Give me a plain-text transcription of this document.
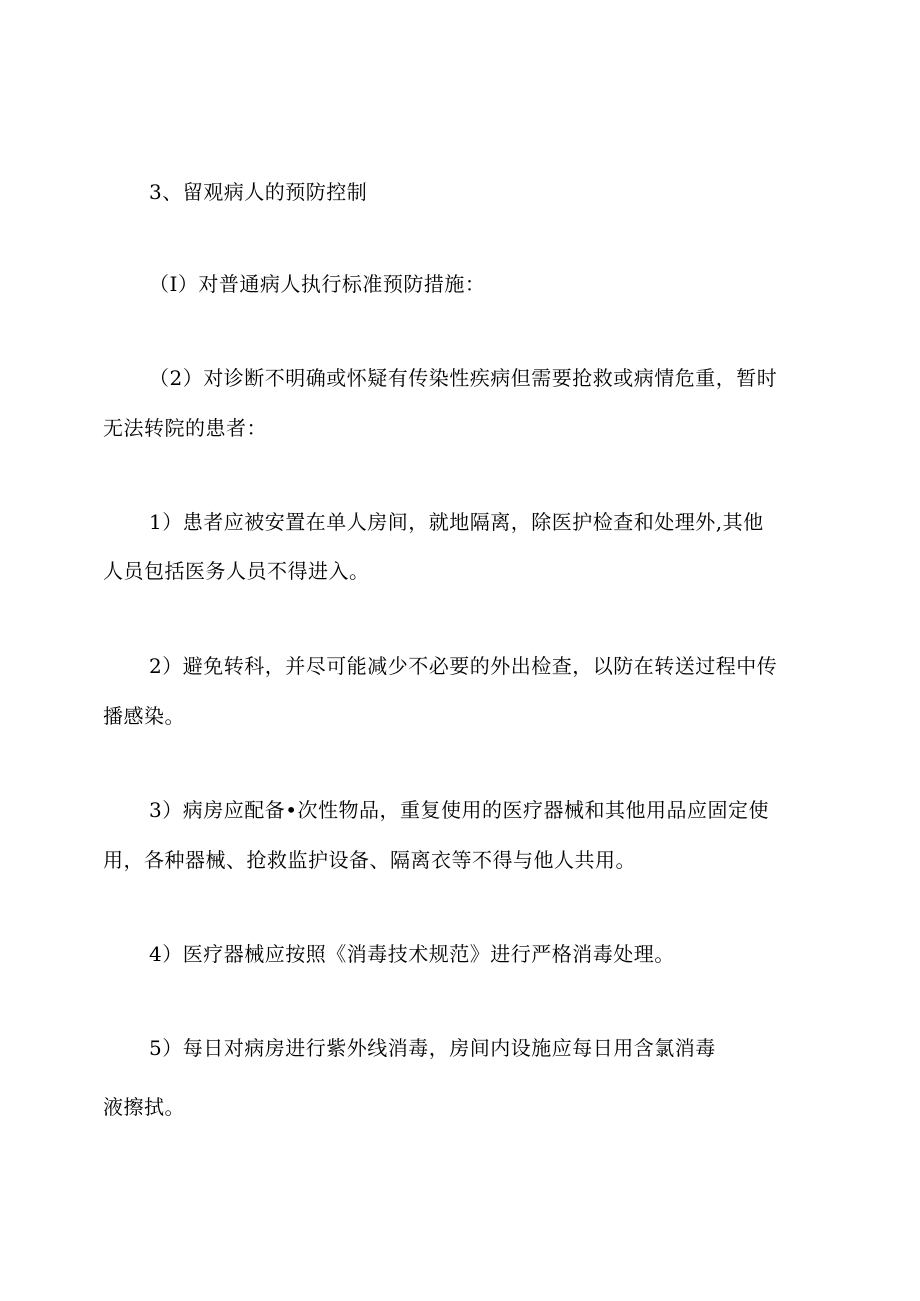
3、留观病人的预防控制

（I）对普通病人执行标准预防措施：

（2）对诊断不明确或怀疑有传染性疾病但需要抢救或病情危重，暂时

无法转院的患者：

1）患者应被安置在单人房间，就地隔离，除医护检查和处理外,其他

人员包括医务人员不得进入。

2）避免转科，并尽可能减少不必要的外出检查，以防在转送过程中传

播感染。

3）病房应配备•次性物品，重复使用的医疗器械和其他用品应固定使

用，各种器械、抢救监护设备、隔离衣等不得与他人共用。

4）医疗器械应按照《消毒技术规范》进行严格消毒处理。

5）每日对病房进行紫外线消毒，房间内设施应每日用含氯消毒

液擦拭。
